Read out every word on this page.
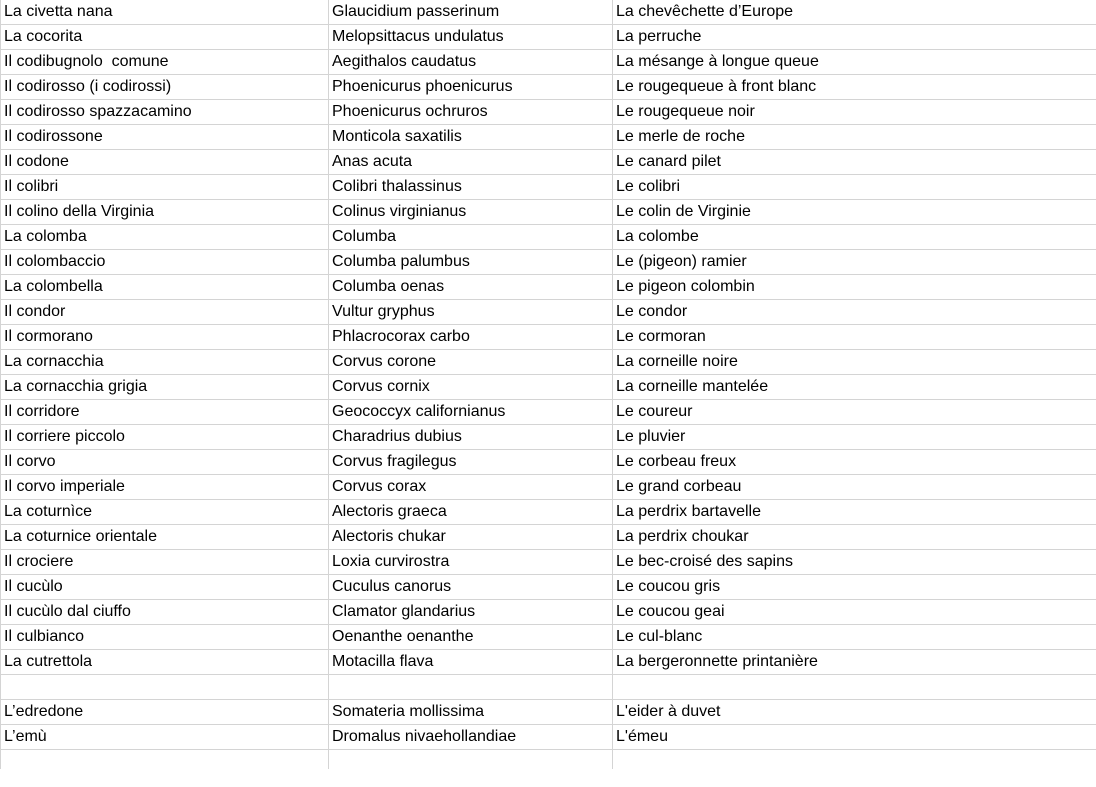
La civetta nana	Glaucidium passerinum	La chevêchette d’Europe
La cocorita	Melopsittacus undulatus	La perruche
Il codibugnolo  comune	Aegithalos caudatus	La mésange à longue queue
Il codirosso (i codirossi)	Phoenicurus phoenicurus	Le rougequeue à front blanc
Il codirosso spazzacamino	Phoenicurus ochruros	Le rougequeue noir
Il codirossone	Monticola saxatilis	Le merle de roche
Il codone	Anas acuta	Le canard pilet
Il colibri	Colibri thalassinus	Le colibri
Il colino della Virginia	Colinus virginianus	Le colin de Virginie
La colomba	Columba	La colombe
Il colombaccio	Columba palumbus	Le (pigeon) ramier
La colombella	Columba oenas	Le pigeon colombin
Il condor	Vultur gryphus	Le condor
Il cormorano	Phlacrocorax carbo	Le cormoran
La cornacchia	Corvus corone	La corneille noire
La cornacchia grigia	Corvus cornix	La corneille mantelée
Il corridore	Geococcyx californianus	Le coureur
Il corriere piccolo	Charadrius dubius	Le pluvier
Il corvo	Corvus fragilegus	Le corbeau freux
Il corvo imperiale	Corvus corax	Le grand corbeau
La coturnìce	Alectoris graeca	La perdrix bartavelle
La coturnice orientale	Alectoris chukar	La perdrix choukar
Il crociere	Loxia curvirostra	Le bec-croisé des sapins
Il cucùlo	Cuculus canorus	Le coucou gris
Il cucùlo dal ciuffo	Clamator glandarius	Le coucou geai
Il culbianco	Oenanthe oenanthe	Le cul-blanc
La cutrettola	Motacilla flava	La bergeronnette printanière

L’edredone	Somateria mollissima	L'eider à duvet
L’emù	Dromalus nivaehollandiae	L'émeu
